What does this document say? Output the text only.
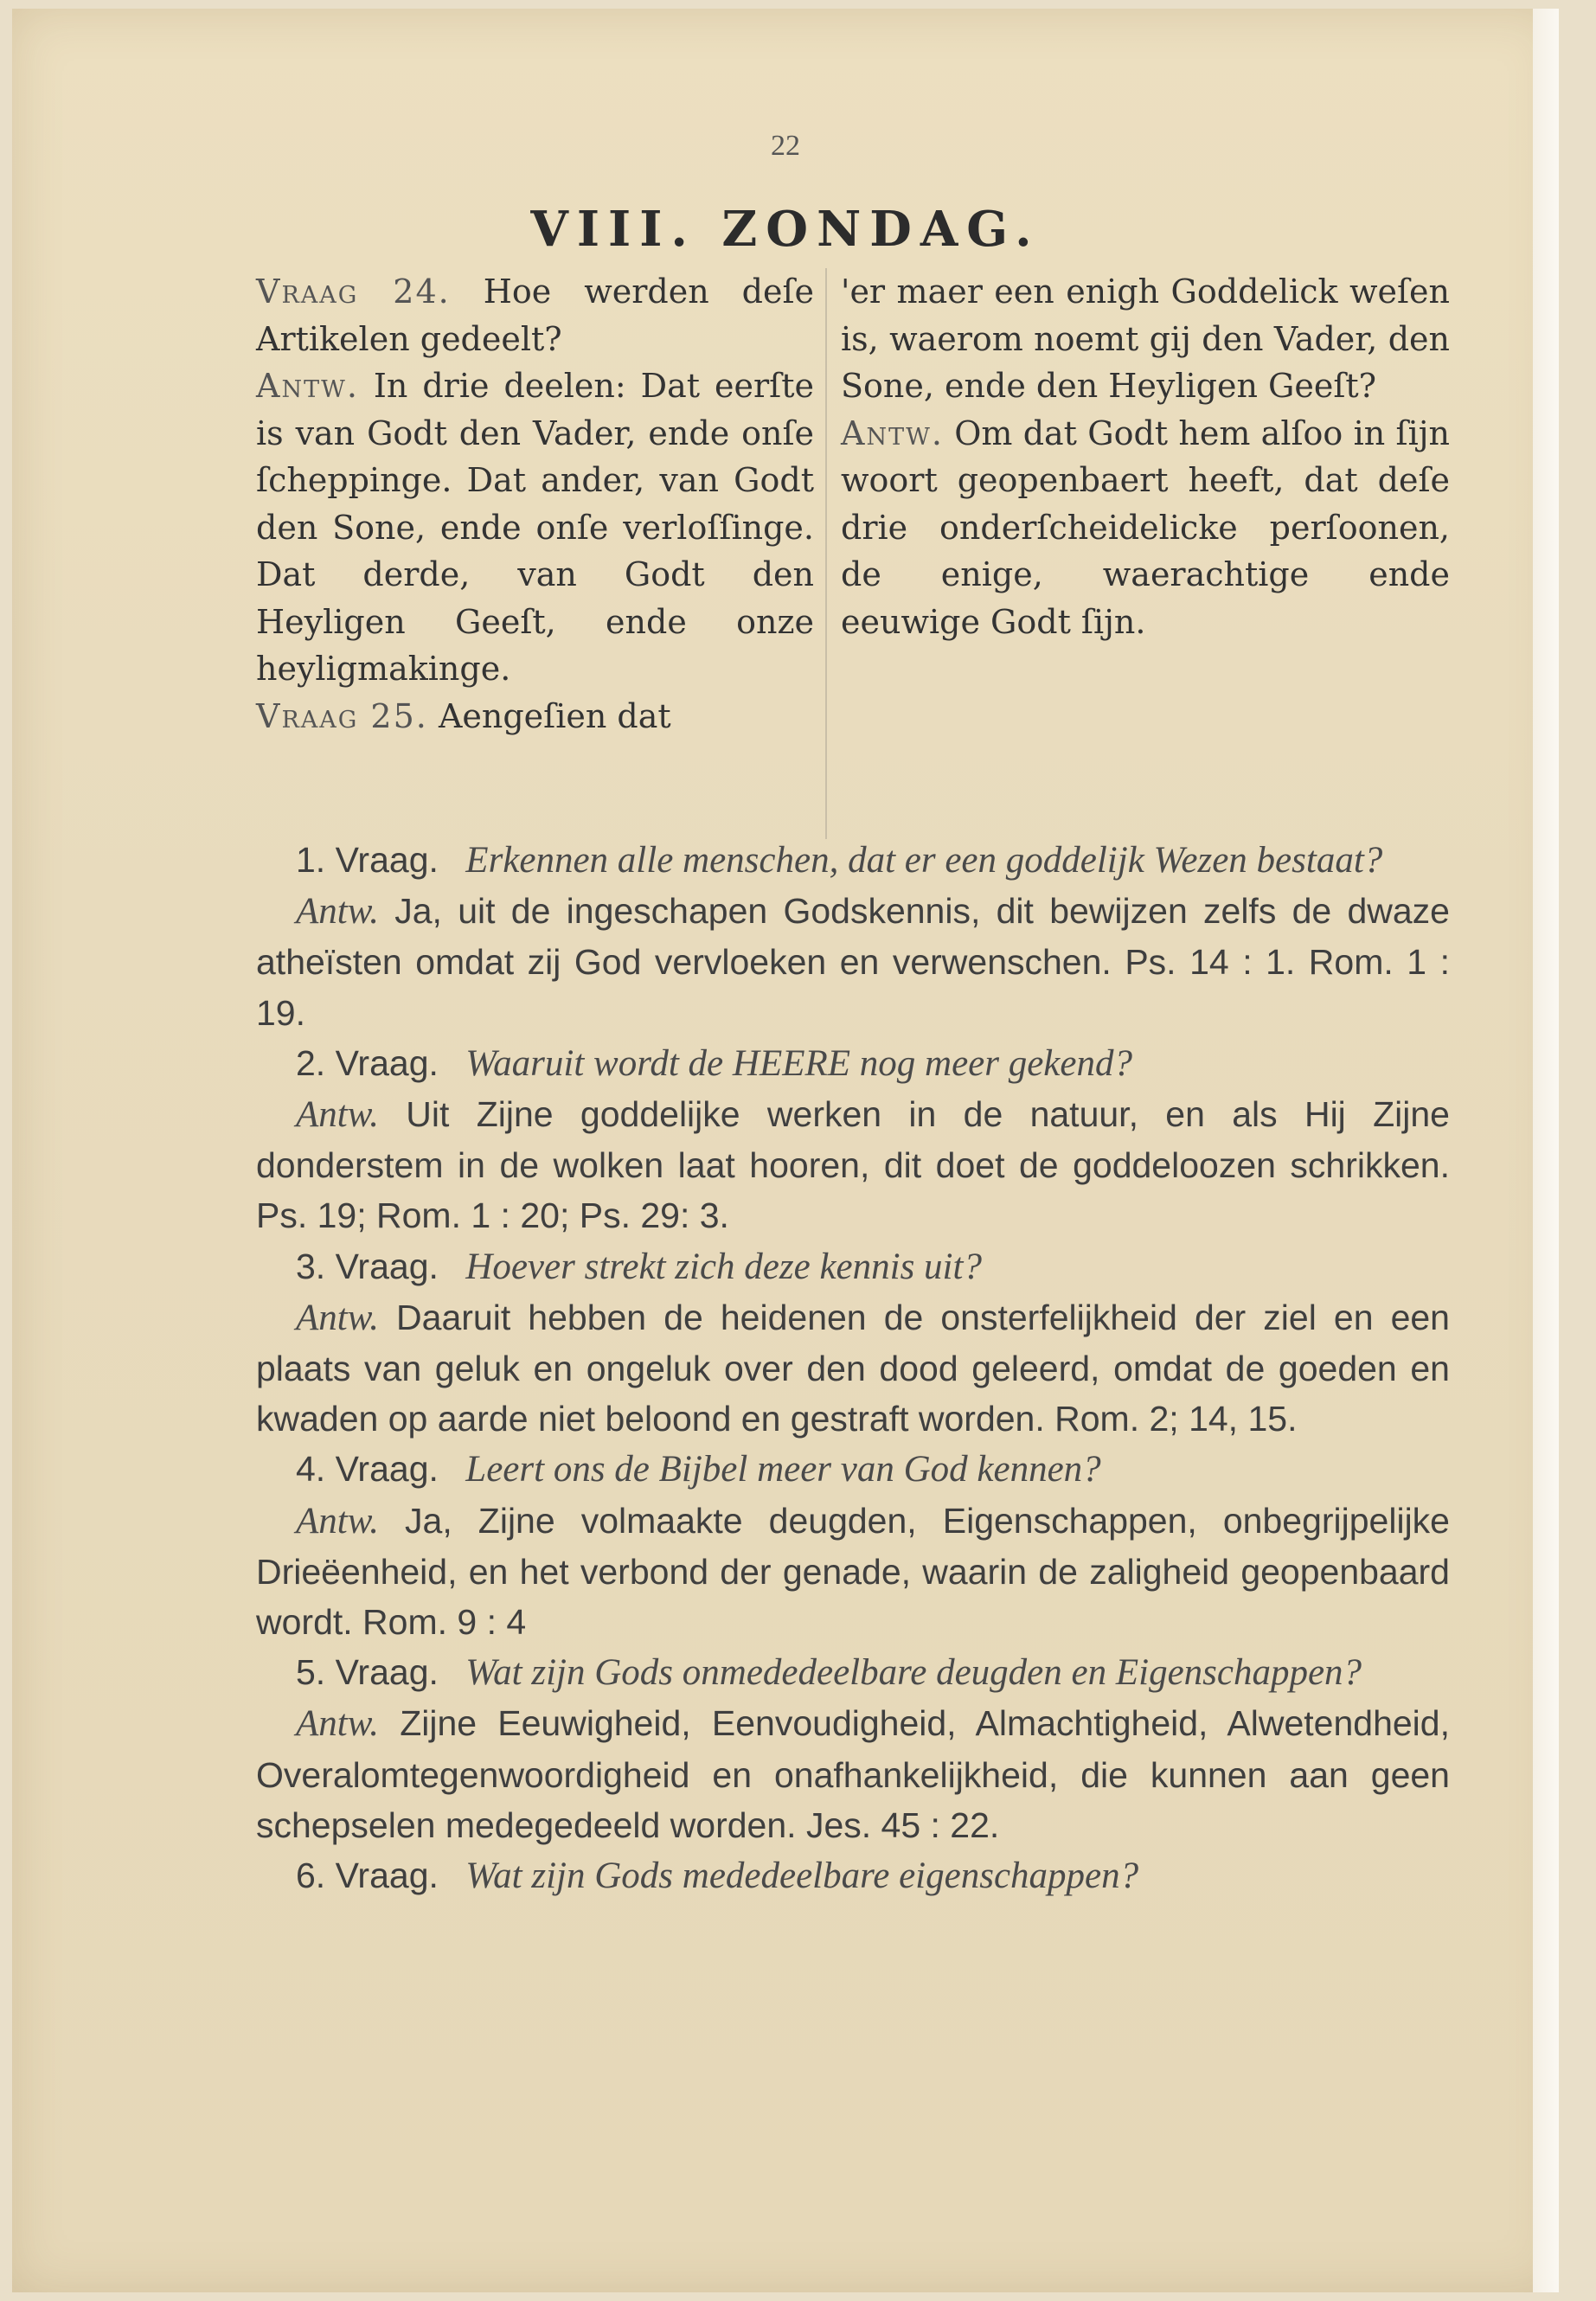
22
VIII. ZONDAG.
Vraag 24. Hoe werden deſe Artikelen gedeelt?
Antw. In drie deelen: Dat eerſte is van Godt den Vader, ende onſe ſcheppinge. Dat ander, van Godt den Sone, ende onſe verloſſinge. Dat derde, van Godt den Heyligen Geeſt, ende onze heyligmakinge.
Vraag 25. Aengeſien dat
'er maer een enigh Goddelick weſen is, waerom noemt gij den Vader, den Sone, ende den Heyligen Geeſt?
Antw. Om dat Godt hem alſoo in ſijn woort geopenbaert heeft, dat deſe drie onderſcheidelicke perſoonen, de enige, waerachtige ende eeuwige Godt ſijn.

1. Vraag. Erkennen alle menschen, dat er een goddelijk Wezen bestaat?

Antw. Ja, uit de ingeschapen Godskennis, dit bewijzen zelfs de dwaze atheïsten omdat zij God vervloeken en verwenschen. Ps. 14 : 1. Rom. 1 : 19.

2. Vraag. Waaruit wordt de HEERE nog meer gekend?

Antw. Uit Zijne goddelijke werken in de natuur, en als Hij Zijne donderstem in de wolken laat hooren, dit doet de goddeloozen schrikken. Ps. 19; Rom. 1 : 20; Ps. 29: 3.

3. Vraag. Hoever strekt zich deze kennis uit?

Antw. Daaruit hebben de heidenen de onsterfelijkheid der ziel en een plaats van geluk en ongeluk over den dood geleerd, omdat de goeden en kwaden op aarde niet beloond en gestraft worden. Rom. 2; 14, 15.

4. Vraag. Leert ons de Bijbel meer van God kennen?

Antw. Ja, Zijne volmaakte deugden, Eigenschappen, onbegrijpelijke Drieëenheid, en het verbond der genade, waarin de zaligheid geopenbaard wordt. Rom. 9 : 4

5. Vraag. Wat zijn Gods onmededeelbare deugden en Eigenschappen?

Antw. Zijne Eeuwigheid, Eenvoudigheid, Almachtigheid, Alwetendheid, Overalomtegenwoordigheid en onafhankelijkheid, die kunnen aan geen schepselen medegedeeld worden. Jes. 45 : 22.

6. Vraag. Wat zijn Gods mededeelbare eigenschappen?
